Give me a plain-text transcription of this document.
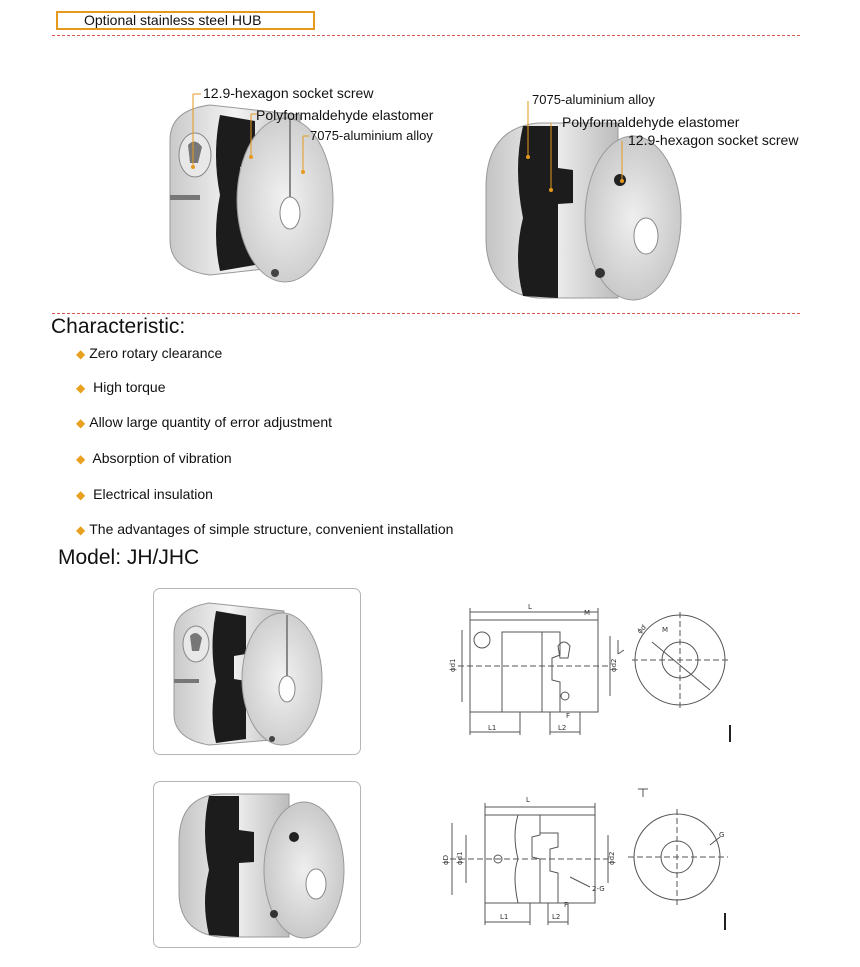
Optional stainless steel HUB
12.9-hexagon socket screw
Polyformaldehyde elastomer
7075-aluminium alloy
7075-aluminium alloy
Polyformaldehyde elastomer
12.9-hexagon socket screw
Characteristic:
◆ Zero rotary clearance
◆ High torque
◆ Allow large quantity of error adjustment
◆ Absorption of vibration
◆ Electrical insulation
◆ The advantages of simple structure, convenient installation
Model: JH/JHC
L
M
ϕd1	ϕd2
L1	L2
F
M
ϕd
L
ϕD ϕd1	ϕd2
L1	L2
F
2-G
G
